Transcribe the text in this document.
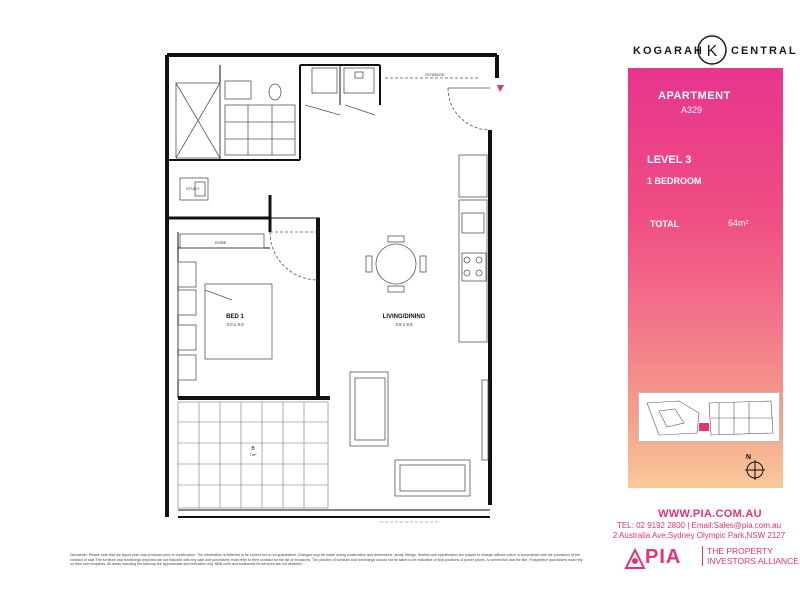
STORAGE
STUDY
ROBE
BED 1
3.0 x 3.0
LIVING/DINING
3.6 x 8.6
B
7m²
KOGARAH K CENTRAL
APARTMENT
A329
LEVEL 3
1 BEDROOM
TOTAL	64m²
N
WWW.PIA.COM.AU
TEL: 02 9192 2800 | Email:Sales@pia.com.au
2 Australia Ave,Sydney Olympic Park,NSW 2127
PIA	THE PROPERTY
INVESTORS ALLIANCE
Disclaimer: Please note that the layout plan was produced prior to construction. The information is believed to be correct but is not guaranteed. Changes may be made during construction and dimensions, areas, fittings, finishes and specification are subject to change without notice in accordance with the provisions of the contract of sale.The furniture and furnishings depicted are not included with any sale and purchasers must refer to their contract for the list of inclusions. The position of furniture and furnishings should not be taken to be indicative of final positions of power points, tv connection and the like. Prospective purchasers must rely on their own enquiries. All areas including the balcony are approximate and indicative only. NBN units and bulkheads for services are not depicted.
